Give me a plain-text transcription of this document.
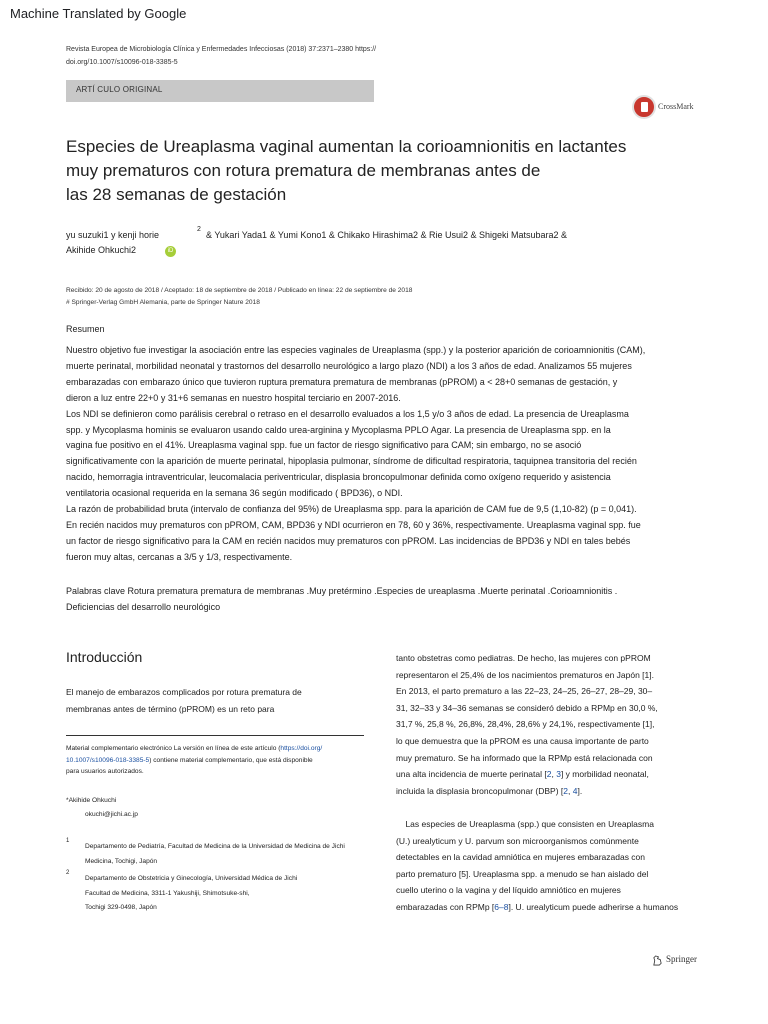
Machine Translated by Google
Revista Europea de Microbiología Clínica y Enfermedades Infecciosas (2018) 37:2371–2380 https://
doi.org/10.1007/s10096-018-3385-5
ARTÍ CULO ORIGINAL
CrossMark
Especies de Ureaplasma vaginal aumentan la corioamnionitis en lactantes
muy prematuros con rotura prematura de membranas antes de
las 28 semanas de gestación
yu suzuki1 y kenji horie
2
& Yukari Yada1 & Yumi Kono1 & Chikako Hirashima2 & Rie Usui2 & Shigeki Matsubara2 &
Akihide Ohkuchi2	iD
Recibido: 20 de agosto de 2018 / Aceptado: 18 de septiembre de 2018 / Publicado en línea: 22 de septiembre de 2018
# Springer-Verlag GmbH Alemania, parte de Springer Nature 2018
Resumen
Nuestro objetivo fue investigar la asociación entre las especies vaginales de Ureaplasma (spp.) y la posterior aparición de corioamnionitis (CAM),
muerte perinatal, morbilidad neonatal y trastornos del desarrollo neurológico a largo plazo (NDI) a los 3 años de edad. Analizamos 55 mujeres
embarazadas con embarazo único que tuvieron ruptura prematura prematura de membranas (pPROM) a < 28+0 semanas de gestación, y
dieron a luz entre 22+0 y 31+6 semanas en nuestro hospital terciario en 2007-2016.
Los NDI se definieron como parálisis cerebral o retraso en el desarrollo evaluados a los 1,5 y/o 3 años de edad. La presencia de Ureaplasma
spp. y Mycoplasma hominis se evaluaron usando caldo urea-arginina y Mycoplasma PPLO Agar. La presencia de Ureaplasma spp. en la
vagina fue positivo en el 41%. Ureaplasma vaginal spp. fue un factor de riesgo significativo para CAM; sin embargo, no se asoció
significativamente con la aparición de muerte perinatal, hipoplasia pulmonar, síndrome de dificultad respiratoria, taquipnea transitoria del recién
nacido, hemorragia intraventricular, leucomalacia periventricular, displasia broncopulmonar definida como oxígeno requerido y asistencia
ventilatoria ocasional requerida en la semana 36 según modificado ( BPD36), o NDI.
La razón de probabilidad bruta (intervalo de confianza del 95%) de Ureaplasma spp. para la aparición de CAM fue de 9,5 (1,10-82) (p = 0,041).
En recién nacidos muy prematuros con pPROM, CAM, BPD36 y NDI ocurrieron en 78, 60 y 36%, respectivamente. Ureaplasma vaginal spp. fue
un factor de riesgo significativo para la CAM en recién nacidos muy prematuros con pPROM. Las incidencias de BPD36 y NDI en tales bebés
fueron muy altas, cercanas a 3/5 y 1/3, respectivamente.
Palabras clave Rotura prematura prematura de membranas .Muy pretérmino .Especies de ureaplasma .Muerte perinatal .Corioamnionitis .
Deficiencias del desarrollo neurológico
Introducción
El manejo de embarazos complicados por rotura prematura de
membranas antes de término (pPROM) es un reto para
Material complementario electrónico La versión en línea de este artículo (https://doi.org/
10.1007/s10096-018-3385-5) contiene material complementario, que está disponible
para usuarios autorizados.
*Akihide Ohkuchi
okuchi@jichi.ac.jp
1
Departamento de Pediatría, Facultad de Medicina de la Universidad de Medicina de Jichi
Medicina, Tochigi, Japón
2
Departamento de Obstetricia y Ginecología, Universidad Médica de Jichi
Facultad de Medicina, 3311-1 Yakushiji, Shimotsuke-shi,
Tochigi 329-0498, Japón
tanto obstetras como pediatras. De hecho, las mujeres con pPROM
representaron el 25,4% de los nacimientos prematuros en Japón [1].
En 2013, el parto prematuro a las 22–23, 24–25, 26–27, 28–29, 30–
31, 32–33 y 34–36 semanas se consideró debido a RPMp en 30,0 %,
31,7 %, 25,8 %, 26,8%, 28,4%, 28,6% y 24,1%, respectivamente [1],
lo que demuestra que la pPROM es una causa importante de parto
muy prematuro. Se ha informado que la RPMp está relacionada con
una alta incidencia de muerte perinatal [2, 3] y morbilidad neonatal,
incluida la displasia broncopulmonar (DBP) [2, 4].
Las especies de Ureaplasma (spp.) que consisten en Ureaplasma
(U.) urealyticum y U. parvum son microorganismos comúnmente
detectables en la cavidad amniótica en mujeres embarazadas con
parto prematuro [5]. Ureaplasma spp. a menudo se han aislado del
cuello uterino o la vagina y del líquido amniótico en mujeres
embarazadas con RPMp [6–8]. U. urealyticum puede adherirse a humanos
Springer
